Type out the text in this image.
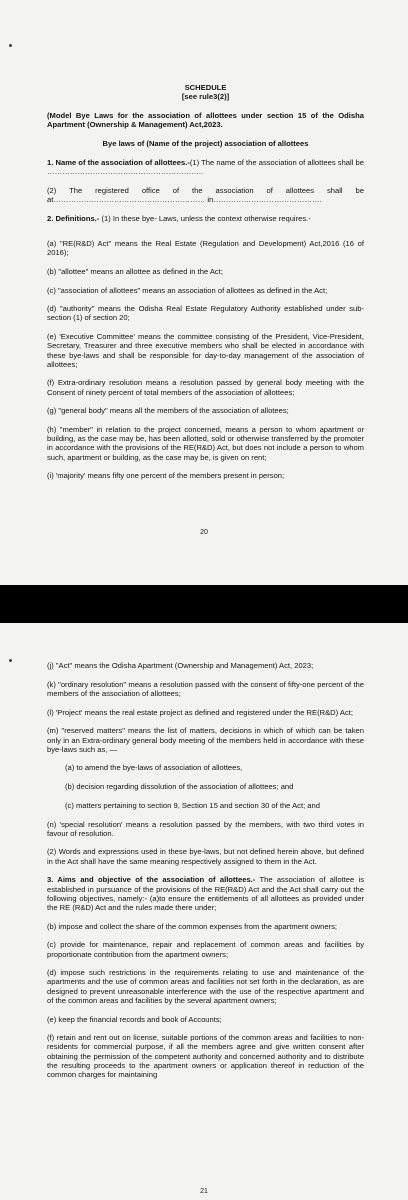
SCHEDULE
[see rule3(2)]

(Model Bye Laws for the association of allottees under section 15 of the Odisha Apartment (Ownership & Management) Act,2023.

Bye laws of (Name of the project) association of allottees

1. Name of the association of allottees.-(1) The name of the association of allottees shall be ……………………………………………………..

(2) The registered office of the association of allottees shall be at…………………………………………………… in…………………………………….

2. Definitions.- (1) In these bye- Laws, unless the context otherwise requires.-

(a) "RE(R&D) Act" means the Real Estate (Regulation and Development) Act,2016 (16 of 2016);

(b) "allottee" means an allottee as defined in the Act;

(c) "association of allottees" means an association of allottees as defined in the Act;

(d) "authority" means the Odisha Real Estate Regulatory Authority established under sub-section (1) of section 20;

(e) 'Executive Committee' means the committee consisting of the President, Vice-President, Secretary, Treasurer and three executive members who shall be elected in accordance with these bye-laws and shall be responsible for day-to-day management of the association of allottees;

(f) Extra-ordinary resolution means a resolution passed by general body meeting with the Consent of ninety percent of total members of the association of allottees;

(g) "general body" means all the members of the association of allotees;

(h) "member" in relation to the project concerned, means a person to whom apartment or building, as the case may be, has been allotted, sold or otherwise transferred by the promoter in accordance with the provisions of the RE(R&D) Act, but does not include a person to whom such, apartment or building, as the case may be, is given on rent;

(i) 'majority' means fifty one percent of the members present in person;

20

(j) "Act" means the Odisha Apartment (Ownership and Management) Act, 2023;

(k) "ordinary resolution" means a resolution passed with the consent of fifty-one percent of the members of the association of allottees;

(l) 'Project' means the real estate project as defined and registered under the RE(R&D) Act;

(m) "reserved matters" means the list of matters, decisions in which of which can be taken only in an Extra-ordinary general body meeting of the members held in accordance with these bye-laws such as, —

(a) to amend the bye-laws of association of allottees,

(b) decision regarding dissolution of the association of allottees; and

(c) matters pertaining to section 9, Section 15 and section 30 of the Act; and

(n) 'special resolution' means a resolution passed by the members, with two third votes in favour of resolution.

(2) Words and expressions used in these bye-laws, but not defined herein above, but defined in the Act shall have the same meaning respectively assigned to them in the Act.

3. Aims and objective of the association of allottees.- The association of allottee is established in pursuance of the provisions of the RE(R&D) Act and the Act shall carry out the following objectives, namely:- (a)to ensure the entitlements of all allottees as provided under the RE (R&D) Act and the rules made there under;

(b) impose and collect the share of the common expenses from the apartment owners;

(c) provide for maintenance, repair and replacement of common areas and facilities by proportionate contribution from the apartment owners;

(d) impose such restrictions in the requirements relating to use and maintenance of the apartments and the use of common areas and facilities not set forth in the declaration, as are designed to prevent unreasonable interference with the use of the respective apartment and of the common areas and facilities by the several apartment owners;

(e) keep the financial records and book of Accounts;

(f) retain and rent out on license, suitable portions of the common areas and facilities to non-residents for commercial purpose, if all the members agree and give written consent after obtaining the permission of the competent authority and concerned authority and to distribute the resulting proceeds to the apartment owners or application thereof in reduction of the common charges for maintaining

21
